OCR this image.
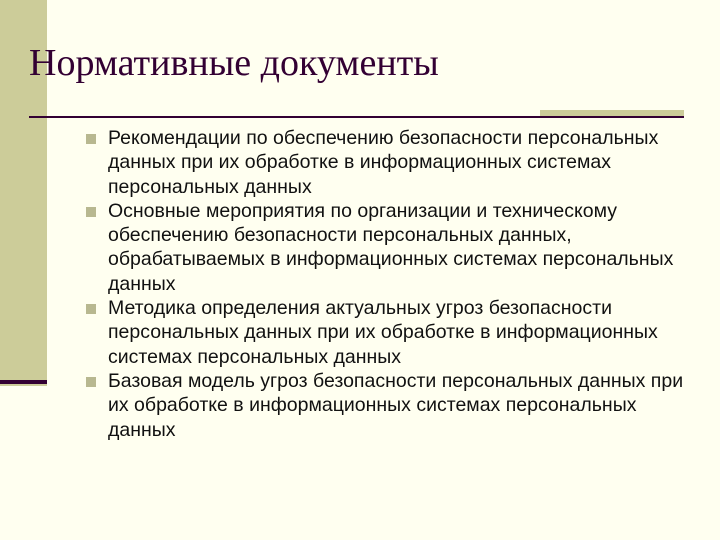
Нормативные документы
Рекомендации по обеспечению безопасности персональных данных при их обработке в информационных системах персональных данных
Основные мероприятия по организации и техническому обеспечению безопасности персональных данных, обрабатываемых в информационных системах персональных данных
Методика определения актуальных угроз безопасности персональных данных при их обработке в информационных системах персональных данных
Базовая модель угроз безопасности персональных данных при их обработке в информационных системах персональных данных
